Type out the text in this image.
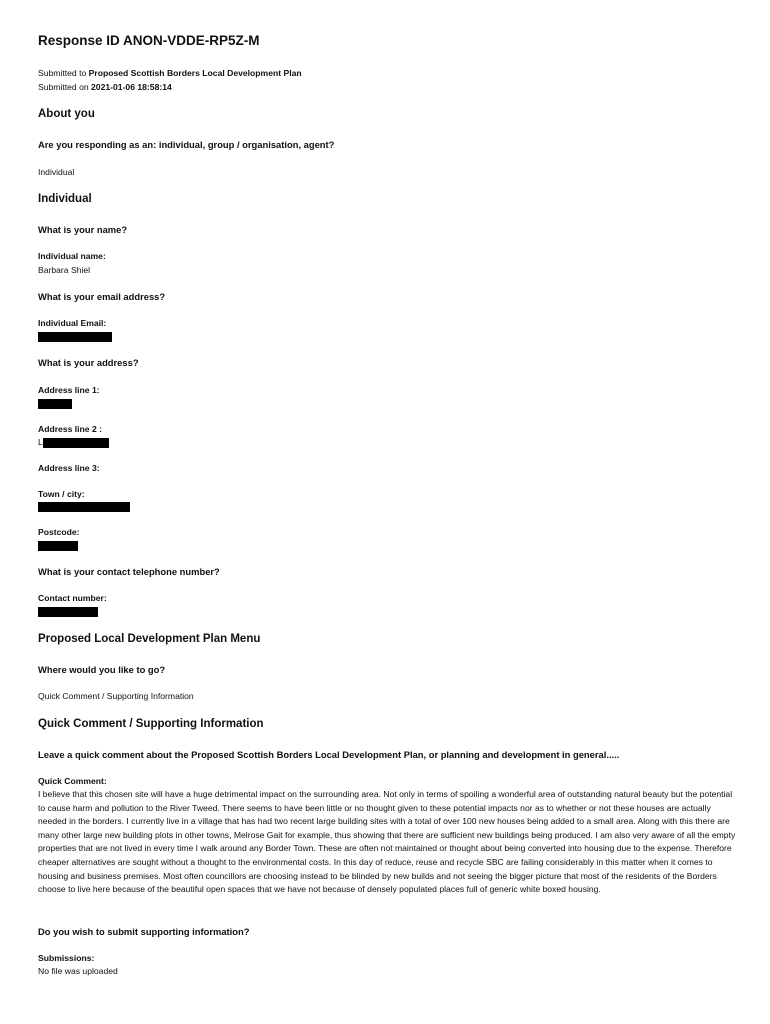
Response ID ANON-VDDE-RP5Z-M
Submitted to Proposed Scottish Borders Local Development Plan
Submitted on 2021-01-06 18:58:14
About you
Are you responding as an: individual, group / organisation, agent?
Individual
Individual
What is your name?
Individual name:
Barbara Shiel
What is your email address?
Individual Email:
What is your address?
Address line 1:
Address line 2 :
L
Address line 3:
Town / city:
Postcode:
What is your contact telephone number?
Contact number:
Proposed Local Development Plan Menu
Where would you like to go?
Quick Comment / Supporting Information
Quick Comment / Supporting Information
Leave a quick comment about the Proposed Scottish Borders Local Development Plan, or planning and development in general.....
Quick Comment:
I believe that this chosen site will have a huge detrimental impact on the surrounding area. Not only in terms of spoiling a wonderful area of outstanding natural beauty but the potential to cause harm and pollution to the River Tweed. There seems to have been little or no thought given to these potential impacts nor as to whether or not these houses are actually needed in the borders. I currently live in a village that has had two recent large building sites with a total of over 100 new houses being added to a small area. Along with this there are many other large new building plots in other towns, Melrose Gait for example, thus showing that there are sufficient new buildings being produced. I am also very aware of all the empty properties that are not lived in every time I walk around any Border Town. These are often not maintained or thought about being converted into housing due to the expense. Therefore cheaper alternatives are sought without a thought to the environmental costs. In this day of reduce, reuse and recycle SBC are failing considerably in this matter when it comes to housing and business premises. Most often councillors are choosing instead to be blinded by new builds and not seeing the bigger picture that most of the residents of the Borders choose to live here because of the beautiful open spaces that we have not because of densely populated places full of generic white boxed housing.
Do you wish to submit supporting information?
Submissions:
No file was uploaded
